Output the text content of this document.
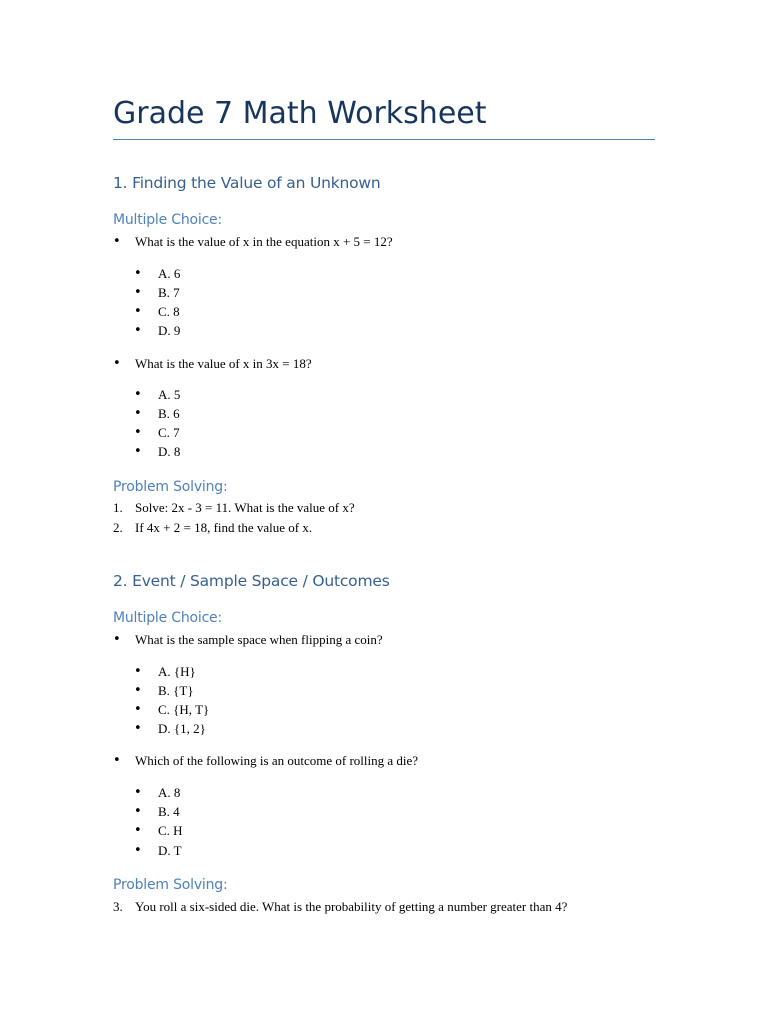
Grade 7 Math Worksheet
1. Finding the Value of an Unknown
Multiple Choice:
• What is the value of x in the equation x + 5 = 12?
• A. 6
• B. 7
• C. 8
• D. 9
• What is the value of x in 3x = 18?
• A. 5
• B. 6
• C. 7
• D. 8
Problem Solving:
1. Solve: 2x - 3 = 11. What is the value of x?
2. If 4x + 2 = 18, find the value of x.
2. Event / Sample Space / Outcomes
Multiple Choice:
• What is the sample space when flipping a coin?
• A. {H}
• B. {T}
• C. {H, T}
• D. {1, 2}
• Which of the following is an outcome of rolling a die?
• A. 8
• B. 4
• C. H
• D. T
Problem Solving:
3. You roll a six-sided die. What is the probability of getting a number greater than 4?
